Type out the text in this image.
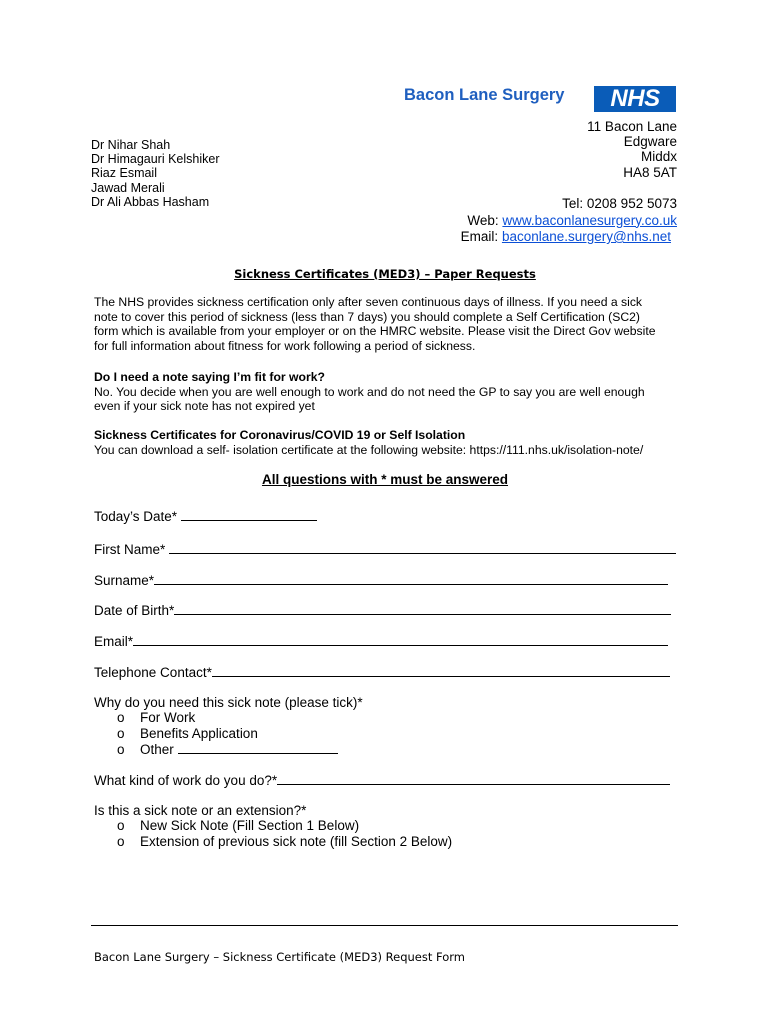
Bacon Lane Surgery	NHS
Dr Nihar Shah
Dr Himagauri Kelshiker
Riaz Esmail
Jawad Merali
Dr Ali Abbas Hasham
11 Bacon Lane
Edgware
Middx
HA8 5AT
Tel: 0208 952 5073
Web: www.baconlanesurgery.co.uk
Email: baconlane.surgery@nhs.net
Sickness Certificates (MED3) – Paper Requests

The NHS provides sickness certification only after seven continuous days of illness. If you need a sick

note to cover this period of sickness (less than 7 days) you should complete a Self Certification (SC2)

form which is available from your employer or on the HMRC website. Please visit the Direct Gov website

for full information about fitness for work following a period of sickness.

Do I need a note saying I’m fit for work?

No. You decide when you are well enough to work and do not need the GP to say you are well enough

even if your sick note has not expired yet

Sickness Certificates for Coronavirus/COVID 19 or Self Isolation

You can download a self- isolation certificate at the following website: https://111.nhs.uk/isolation-note/

All questions with * must be answered
Today’s Date*
First Name*
Surname*
Date of Birth*
Email*
Telephone Contact*
Why do you need this sick note (please tick)*
o For Work
o Benefits Application
o Other
What kind of work do you do?*
Is this a sick note or an extension?*
o New Sick Note (Fill Section 1 Below)
o Extension of previous sick note (fill Section 2 Below)
Bacon Lane Surgery – Sickness Certificate (MED3) Request Form
